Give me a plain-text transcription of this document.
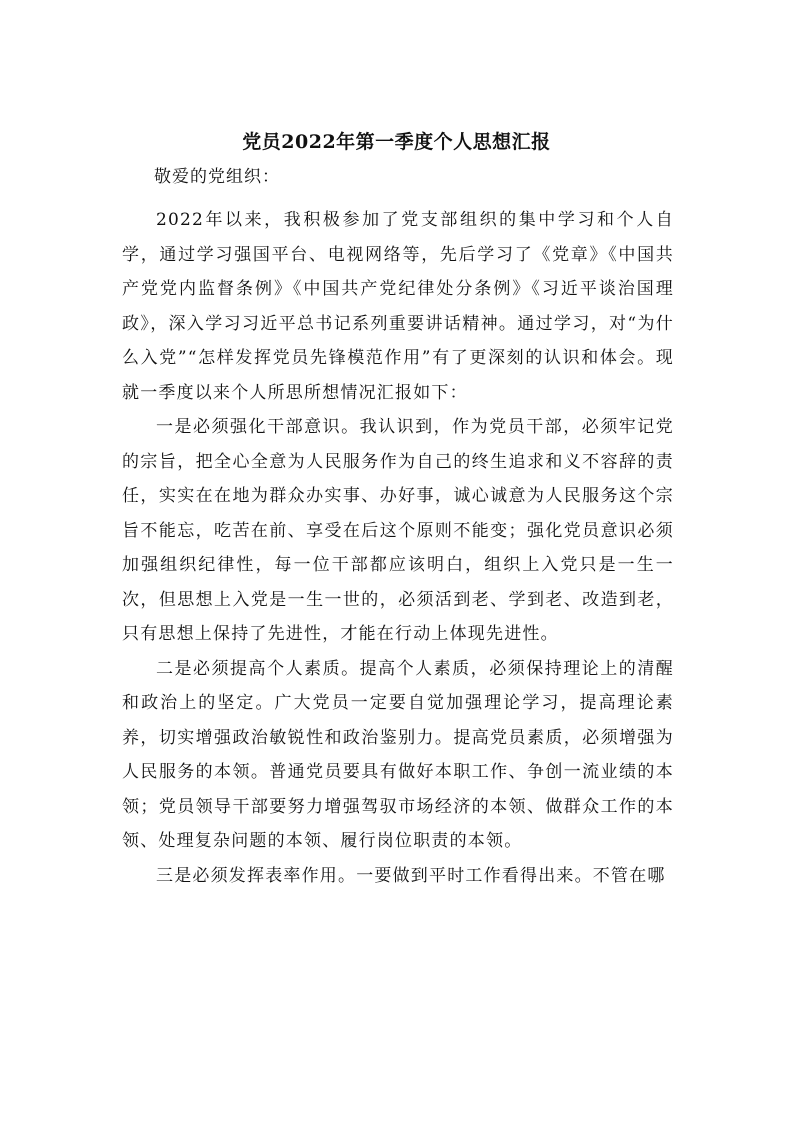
党员2022年第一季度个人思想汇报
敬爱的党组织：

2022年以来，我积极参加了党支部组织的集中学习和个人自学，通过学习强国平台、电视网络等，先后学习了《党章》《中国共产党党内监督条例》《中国共产党纪律处分条例》《习近平谈治国理政》，深入学习习近平总书记系列重要讲话精神。通过学习，对“为什么入党”“怎样发挥党员先锋模范作用”有了更深刻的认识和体会。现就一季度以来个人所思所想情况汇报如下：

一是必须强化干部意识。我认识到，作为党员干部，必须牢记党的宗旨，把全心全意为人民服务作为自己的终生追求和义不容辞的责任，实实在在地为群众办实事、办好事，诚心诚意为人民服务这个宗旨不能忘，吃苦在前、享受在后这个原则不能变；强化党员意识必须加强组织纪律性，每一位干部都应该明白，组织上入党只是一生一次，但思想上入党是一生一世的，必须活到老、学到老、改造到老，只有思想上保持了先进性，才能在行动上体现先进性。

二是必须提高个人素质。提高个人素质，必须保持理论上的清醒和政治上的坚定。广大党员一定要自觉加强理论学习，提高理论素养，切实增强政治敏锐性和政治鉴别力。提高党员素质，必须增强为人民服务的本领。普通党员要具有做好本职工作、争创一流业绩的本领；党员领导干部要努力增强驾驭市场经济的本领、做群众工作的本领、处理复杂问题的本领、履行岗位职责的本领。

三是必须发挥表率作用。一要做到平时工作看得出来。不管在哪
